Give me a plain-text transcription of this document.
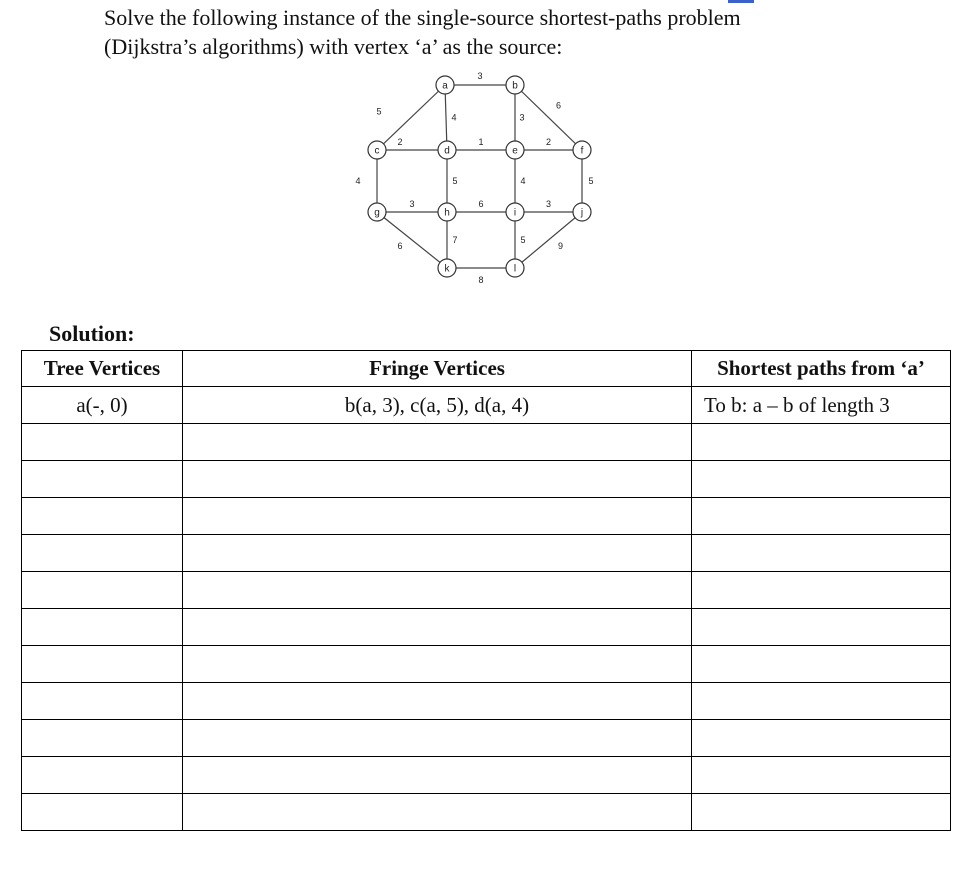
Solve the following instance of the single-source shortest-paths problem
(Dijkstra’s algorithms) with vertex ‘a’ as the source:
3
5
4	3
6
2	1	2
4	5	4	5
3	6	3
6
7	5
9
8
a	b
c	d	e	f
g	h	i	j
k	l
Solution:
Tree Vertices	Fringe Vertices	Shortest paths from ‘a’
a(-, 0)	b(a, 3), c(a, 5), d(a, 4)	To b: a – b of length 3
